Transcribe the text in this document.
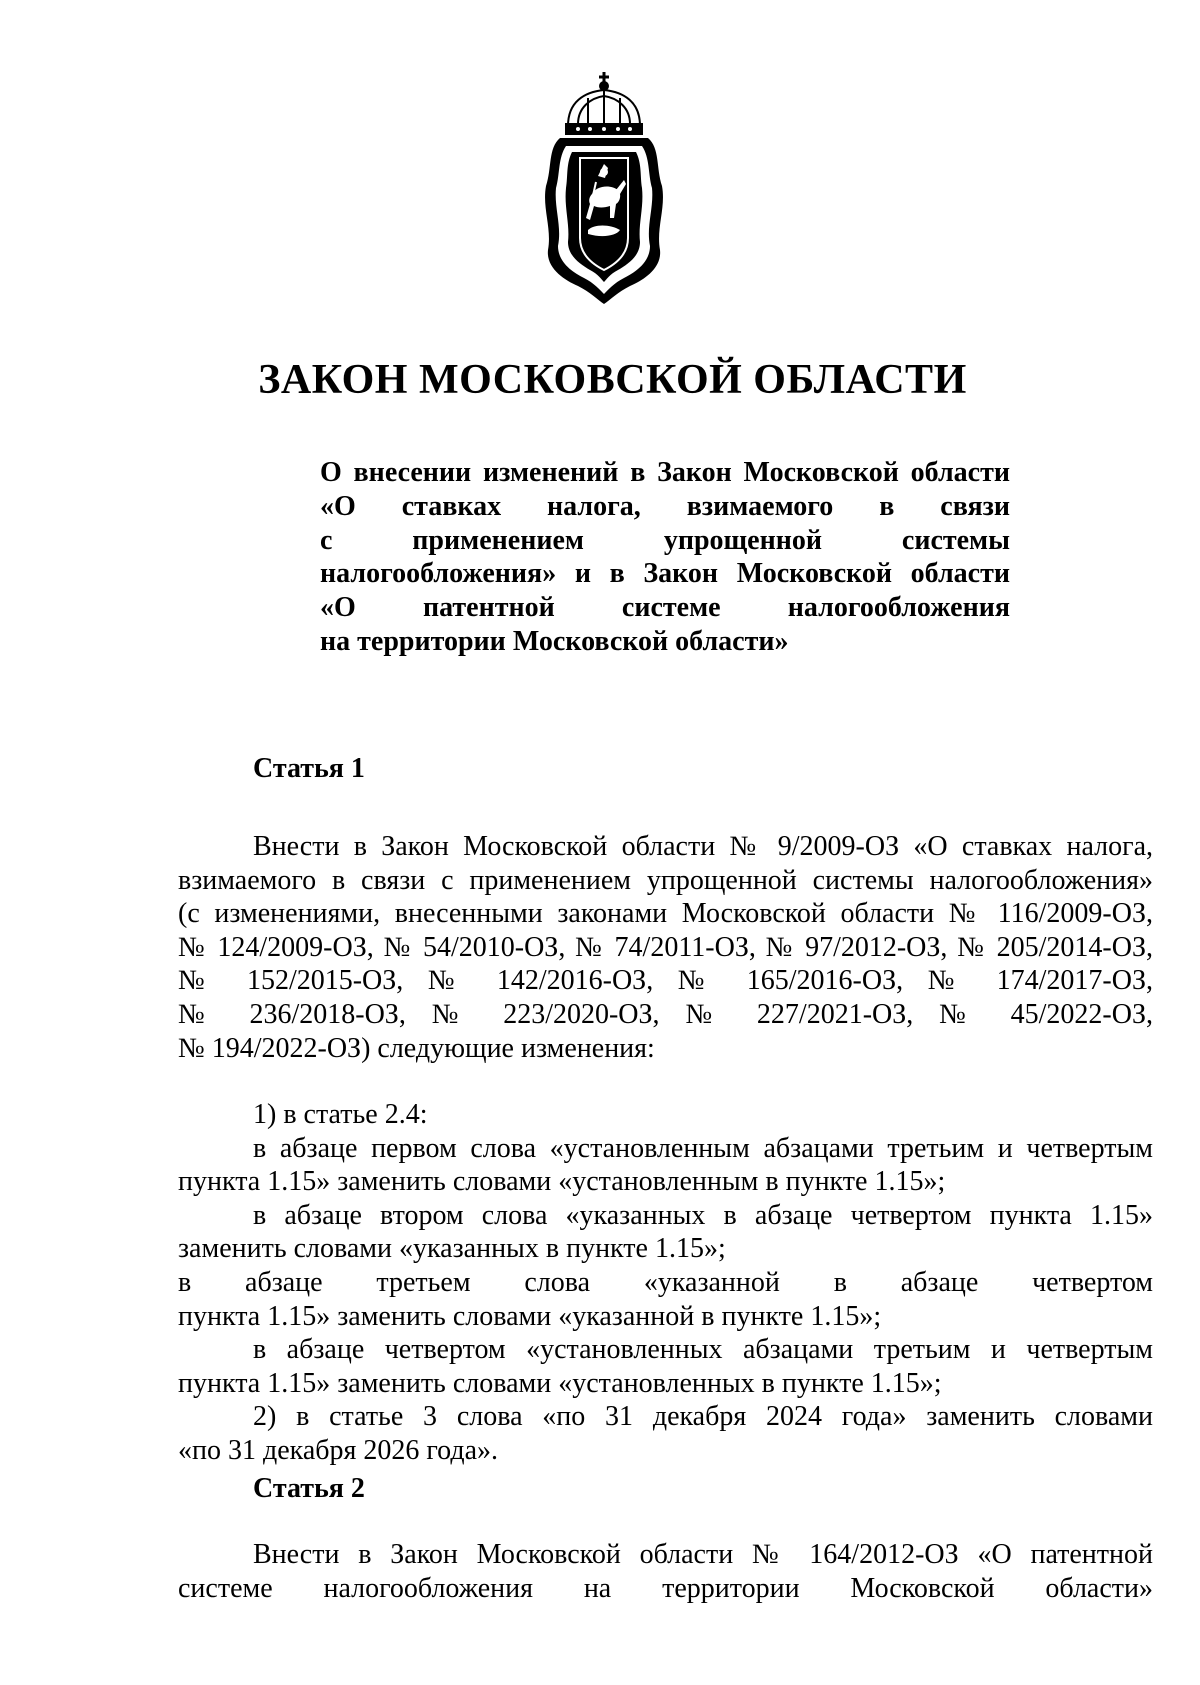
ЗАКОН МОСКОВСКОЙ ОБЛАСТИ
О внесении изменений в Закон Московской области
«О ставках налога, взимаемого в связи
с применением упрощенной системы
налогообложения» и в Закон Московской области
«О патентной системе налогообложения
на территории Московской области»
Статья 1
Внести в Закон Московской области № 9/2009-ОЗ «О ставках налога,
взимаемого в связи с применением упрощенной системы налогообложения»
(с изменениями, внесенными законами Московской области № 116/2009-ОЗ,
№ 124/2009-ОЗ, № 54/2010-ОЗ, № 74/2011-ОЗ, № 97/2012-ОЗ, № 205/2014-ОЗ,
№ 152/2015-ОЗ, № 142/2016-ОЗ, № 165/2016-ОЗ, № 174/2017-ОЗ,
№ 236/2018-ОЗ, № 223/2020-ОЗ, № 227/2021-ОЗ, № 45/2022-ОЗ,
№ 194/2022-ОЗ) следующие изменения:
1) в статье 2.4:
в абзаце первом слова «установленным абзацами третьим и четвертым
пункта 1.15» заменить словами «установленным в пункте 1.15»;
в абзаце втором слова «указанных в абзаце четвертом пункта 1.15»
заменить словами «указанных в пункте 1.15»;
в абзаце третьем слова «указанной в абзаце четвертом
пункта 1.15» заменить словами «указанной в пункте 1.15»;
в абзаце четвертом «установленных абзацами третьим и четвертым
пункта 1.15» заменить словами «установленных в пункте 1.15»;
2) в статье 3 слова «по 31 декабря 2024 года» заменить словами
«по 31 декабря 2026 года».
Статья 2
Внести в Закон Московской области № 164/2012-ОЗ «О патентной
системе налогообложения на территории Московской области»
